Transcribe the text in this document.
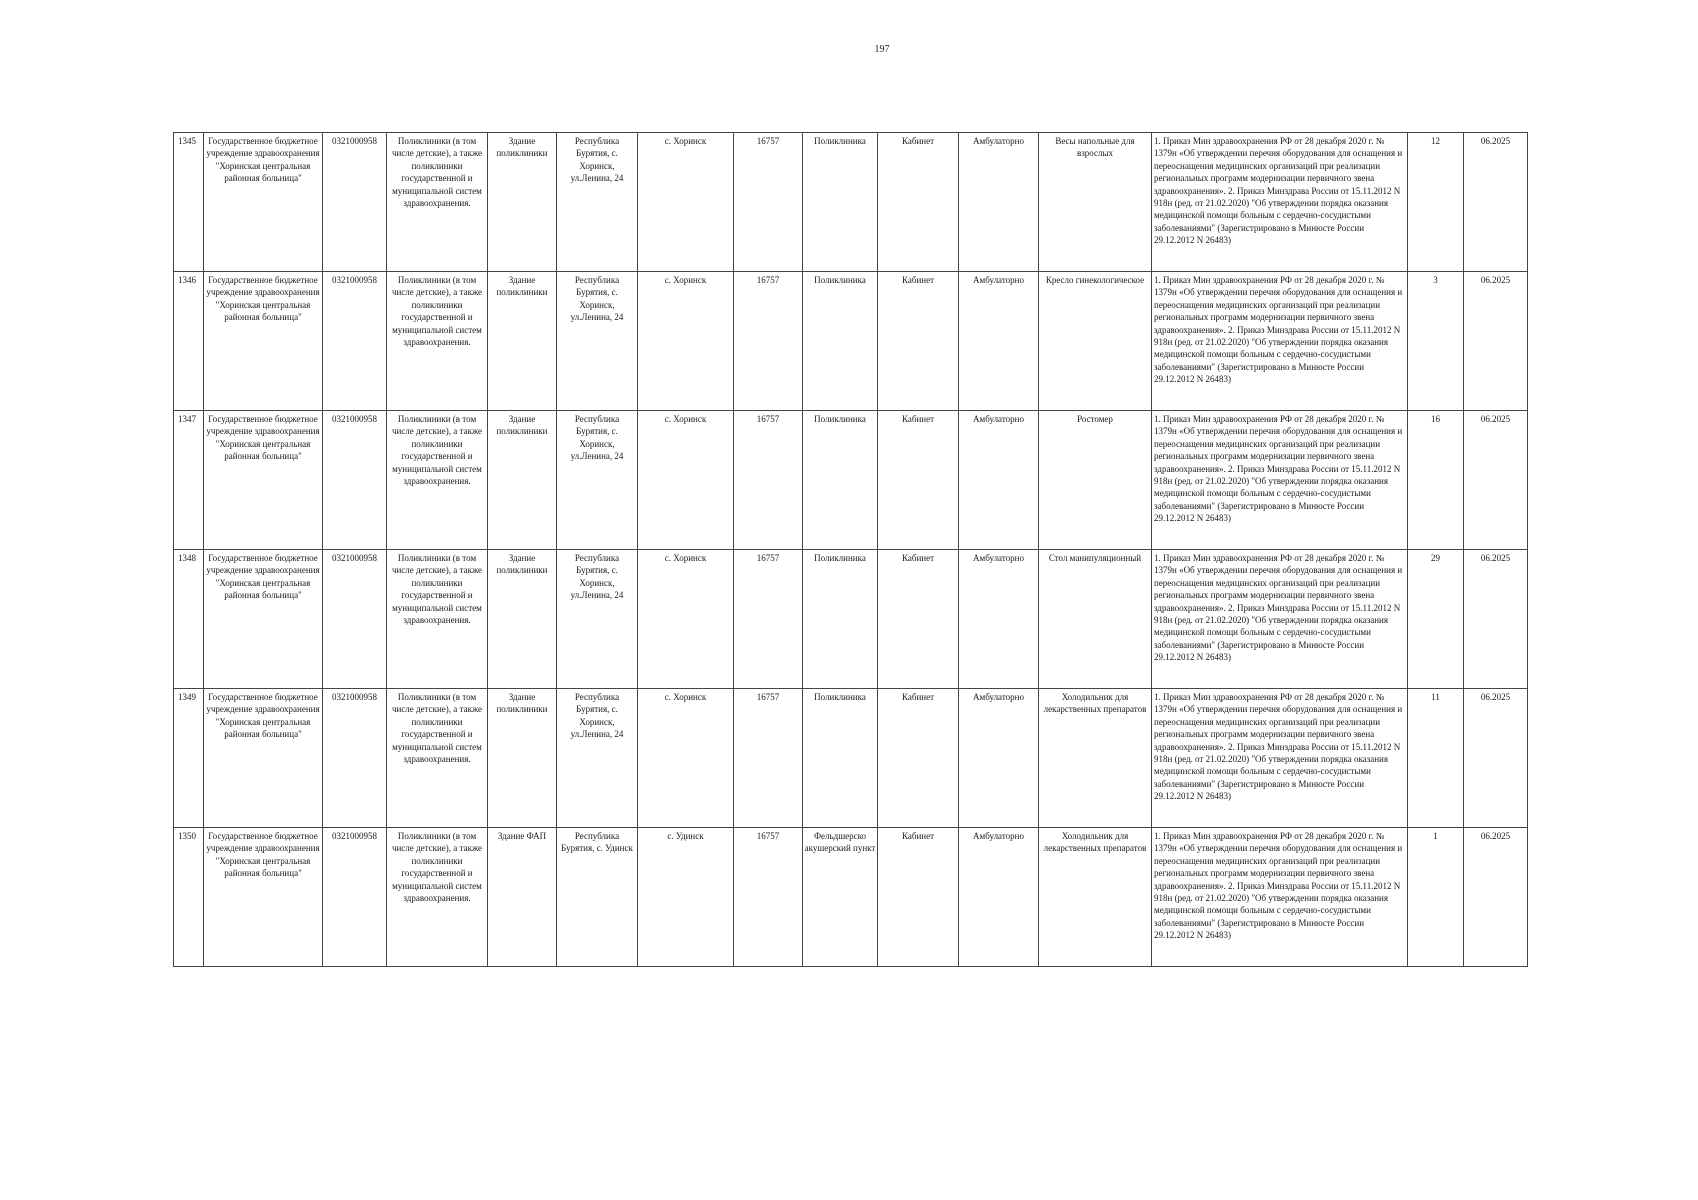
197
1345	Государственное бюджетное учреждение здравоохранения "Хоринская центральная районная больница"	0321000958	Поликлиники (в том числе детские), а также поликлиники государственной и муниципальной систем здравоохранения.	Здание поликлиники	Республика Бурятия, с. Хоринск, ул.Ленина, 24	с. Хоринск	16757	Поликлиника	Кабинет	Амбулаторно	Весы напольные для взрослых	1. Приказ Мин здравоохранения РФ от 28 декабря 2020 г. № 1379н «Об утверждении перечня оборудования для оснащения и переоснащения медицинских организаций при реализации региональных программ модернизации первичного звена здравоохранения». 2. Приказ Минздрава России от 15.11.2012 N 918н (ред. от 21.02.2020) "Об утверждении порядка оказания медицинской помощи больным с сердечно-сосудистыми заболеваниями" (Зарегистрировано в Минюсте России 29.12.2012 N 26483)	12	06.2025
1346	Государственное бюджетное учреждение здравоохранения "Хоринская центральная районная больница"	0321000958	Поликлиники (в том числе детские), а также поликлиники государственной и муниципальной систем здравоохранения.	Здание поликлиники	Республика Бурятия, с. Хоринск, ул.Ленина, 24	с. Хоринск	16757	Поликлиника	Кабинет	Амбулаторно	Кресло гинекологическое	1. Приказ Мин здравоохранения РФ от 28 декабря 2020 г. № 1379н «Об утверждении перечня оборудования для оснащения и переоснащения медицинских организаций при реализации региональных программ модернизации первичного звена здравоохранения». 2. Приказ Минздрава России от 15.11.2012 N 918н (ред. от 21.02.2020) "Об утверждении порядка оказания медицинской помощи больным с сердечно-сосудистыми заболеваниями" (Зарегистрировано в Минюсте России 29.12.2012 N 26483)	3	06.2025
1347	Государственное бюджетное учреждение здравоохранения "Хоринская центральная районная больница"	0321000958	Поликлиники (в том числе детские), а также поликлиники государственной и муниципальной систем здравоохранения.	Здание поликлиники	Республика Бурятия, с. Хоринск, ул.Ленина, 24	с. Хоринск	16757	Поликлиника	Кабинет	Амбулаторно	Ростомер	1. Приказ Мин здравоохранения РФ от 28 декабря 2020 г. № 1379н «Об утверждении перечня оборудования для оснащения и переоснащения медицинских организаций при реализации региональных программ модернизации первичного звена здравоохранения». 2. Приказ Минздрава России от 15.11.2012 N 918н (ред. от 21.02.2020) "Об утверждении порядка оказания медицинской помощи больным с сердечно-сосудистыми заболеваниями" (Зарегистрировано в Минюсте России 29.12.2012 N 26483)	16	06.2025
1348	Государственное бюджетное учреждение здравоохранения "Хоринская центральная районная больница"	0321000958	Поликлиники (в том числе детские), а также поликлиники государственной и муниципальной систем здравоохранения.	Здание поликлиники	Республика Бурятия, с. Хоринск, ул.Ленина, 24	с. Хоринск	16757	Поликлиника	Кабинет	Амбулаторно	Стол манипуляционный	1. Приказ Мин здравоохранения РФ от 28 декабря 2020 г. № 1379н «Об утверждении перечня оборудования для оснащения и переоснащения медицинских организаций при реализации региональных программ модернизации первичного звена здравоохранения». 2. Приказ Минздрава России от 15.11.2012 N 918н (ред. от 21.02.2020) "Об утверждении порядка оказания медицинской помощи больным с сердечно-сосудистыми заболеваниями" (Зарегистрировано в Минюсте России 29.12.2012 N 26483)	29	06.2025
1349	Государственное бюджетное учреждение здравоохранения "Хоринская центральная районная больница"	0321000958	Поликлиники (в том числе детские), а также поликлиники государственной и муниципальной систем здравоохранения.	Здание поликлиники	Республика Бурятия, с. Хоринск, ул.Ленина, 24	с. Хоринск	16757	Поликлиника	Кабинет	Амбулаторно	Холодильник для лекарственных препаратов	1. Приказ Мин здравоохранения РФ от 28 декабря 2020 г. № 1379н «Об утверждении перечня оборудования для оснащения и переоснащения медицинских организаций при реализации региональных программ модернизации первичного звена здравоохранения». 2. Приказ Минздрава России от 15.11.2012 N 918н (ред. от 21.02.2020) "Об утверждении порядка оказания медицинской помощи больным с сердечно-сосудистыми заболеваниями" (Зарегистрировано в Минюсте России 29.12.2012 N 26483)	11	06.2025
1350	Государственное бюджетное учреждение здравоохранения "Хоринская центральная районная больница"	0321000958	Поликлиники (в том числе детские), а также поликлиники государственной и муниципальной систем здравоохранения.	Здание ФАП	Республика Бурятия, с. Удинск	с. Удинск	16757	Фельдшерско акушерский пункт	Кабинет	Амбулаторно	Холодильник для лекарственных препаратов	1. Приказ Мин здравоохранения РФ от 28 декабря 2020 г. № 1379н «Об утверждении перечня оборудования для оснащения и переоснащения медицинских организаций при реализации региональных программ модернизации первичного звена здравоохранения». 2. Приказ Минздрава России от 15.11.2012 N 918н (ред. от 21.02.2020) "Об утверждении порядка оказания медицинской помощи больным с сердечно-сосудистыми заболеваниями" (Зарегистрировано в Минюсте России 29.12.2012 N 26483)	1	06.2025
